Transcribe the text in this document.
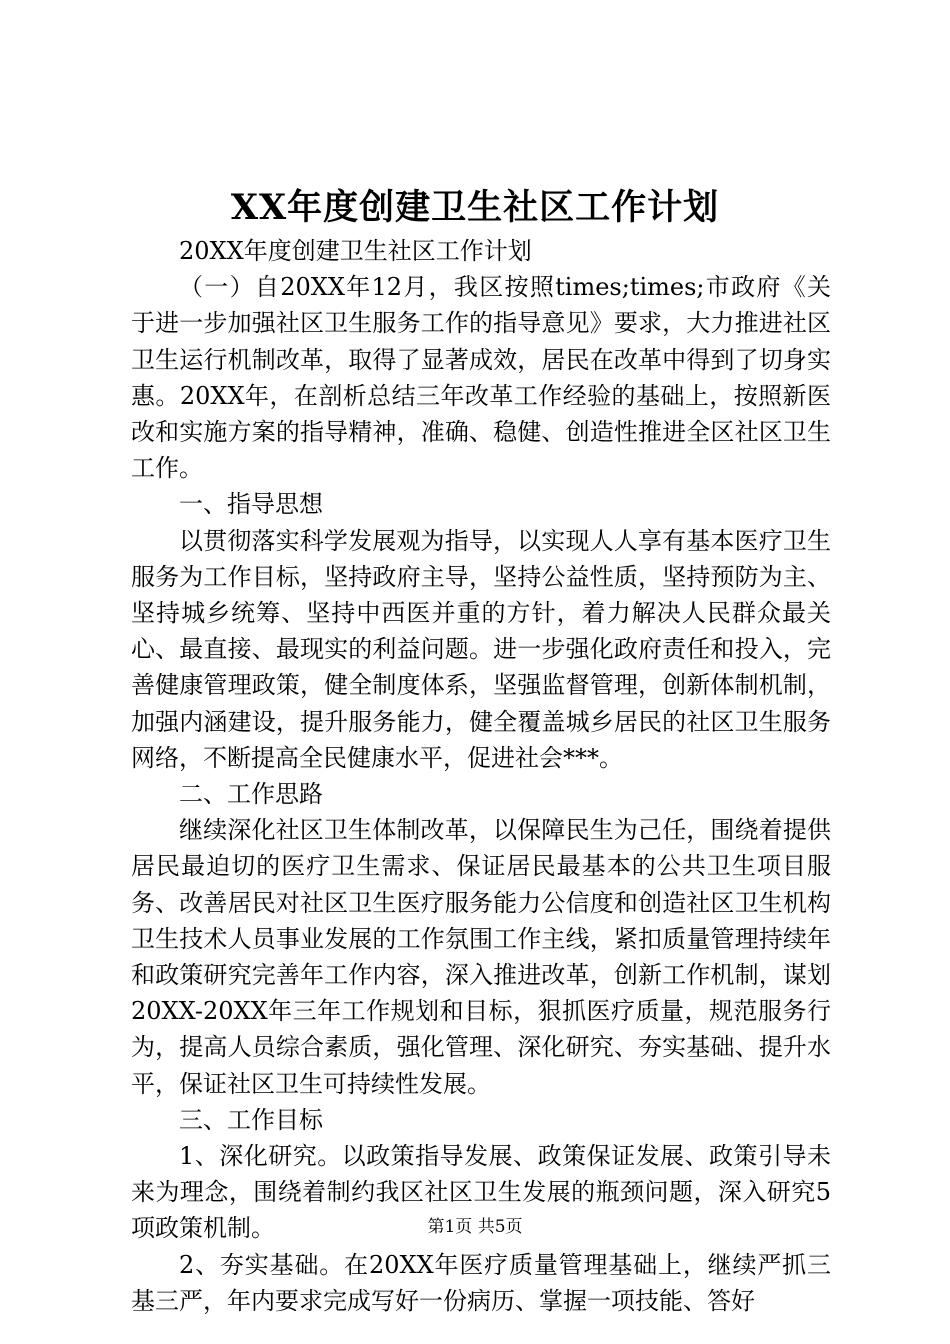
XX年度创建卫生社区工作计划

20XX年度创建卫生社区工作计划

（一）自20XX年12月，我区按照times;times;市政府《关于进一步加强社区卫生服务工作的指导意见》要求，大力推进社区卫生运行机制改革，取得了显著成效，居民在改革中得到了切身实惠。20XX年，在剖析总结三年改革工作经验的基础上，按照新医改和实施方案的指导精神，准确、稳健、创造性推进全区社区卫生工作。

一、指导思想

以贯彻落实科学发展观为指导，以实现人人享有基本医疗卫生服务为工作目标，坚持政府主导，坚持公益性质，坚持预防为主、坚持城乡统筹、坚持中西医并重的方针，着力解决人民群众最关心、最直接、最现实的利益问题。进一步强化政府责任和投入，完善健康管理政策，健全制度体系，坚强监督管理，创新体制机制，加强内涵建设，提升服务能力，健全覆盖城乡居民的社区卫生服务网络，不断提高全民健康水平，促进社会***。

二、工作思路

继续深化社区卫生体制改革，以保障民生为己任，围绕着提供居民最迫切的医疗卫生需求、保证居民最基本的公共卫生项目服务、改善居民对社区卫生医疗服务能力公信度和创造社区卫生机构卫生技术人员事业发展的工作氛围工作主线，紧扣质量管理持续年和政策研究完善年工作内容，深入推进改革，创新工作机制，谋划20XX-20XX年三年工作规划和目标，狠抓医疗质量，规范服务行为，提高人员综合素质，强化管理、深化研究、夯实基础、提升水平，保证社区卫生可持续性发展。

三、工作目标

1、深化研究。以政策指导发展、政策保证发展、政策引导未来为理念，围绕着制约我区社区卫生发展的瓶颈问题，深入研究5项政策机制。

2、夯实基础。在20XX年医疗质量管理基础上，继续严抓三基三严，年内要求完成写好一份病历、掌握一项技能、答好

第1页 共5页
